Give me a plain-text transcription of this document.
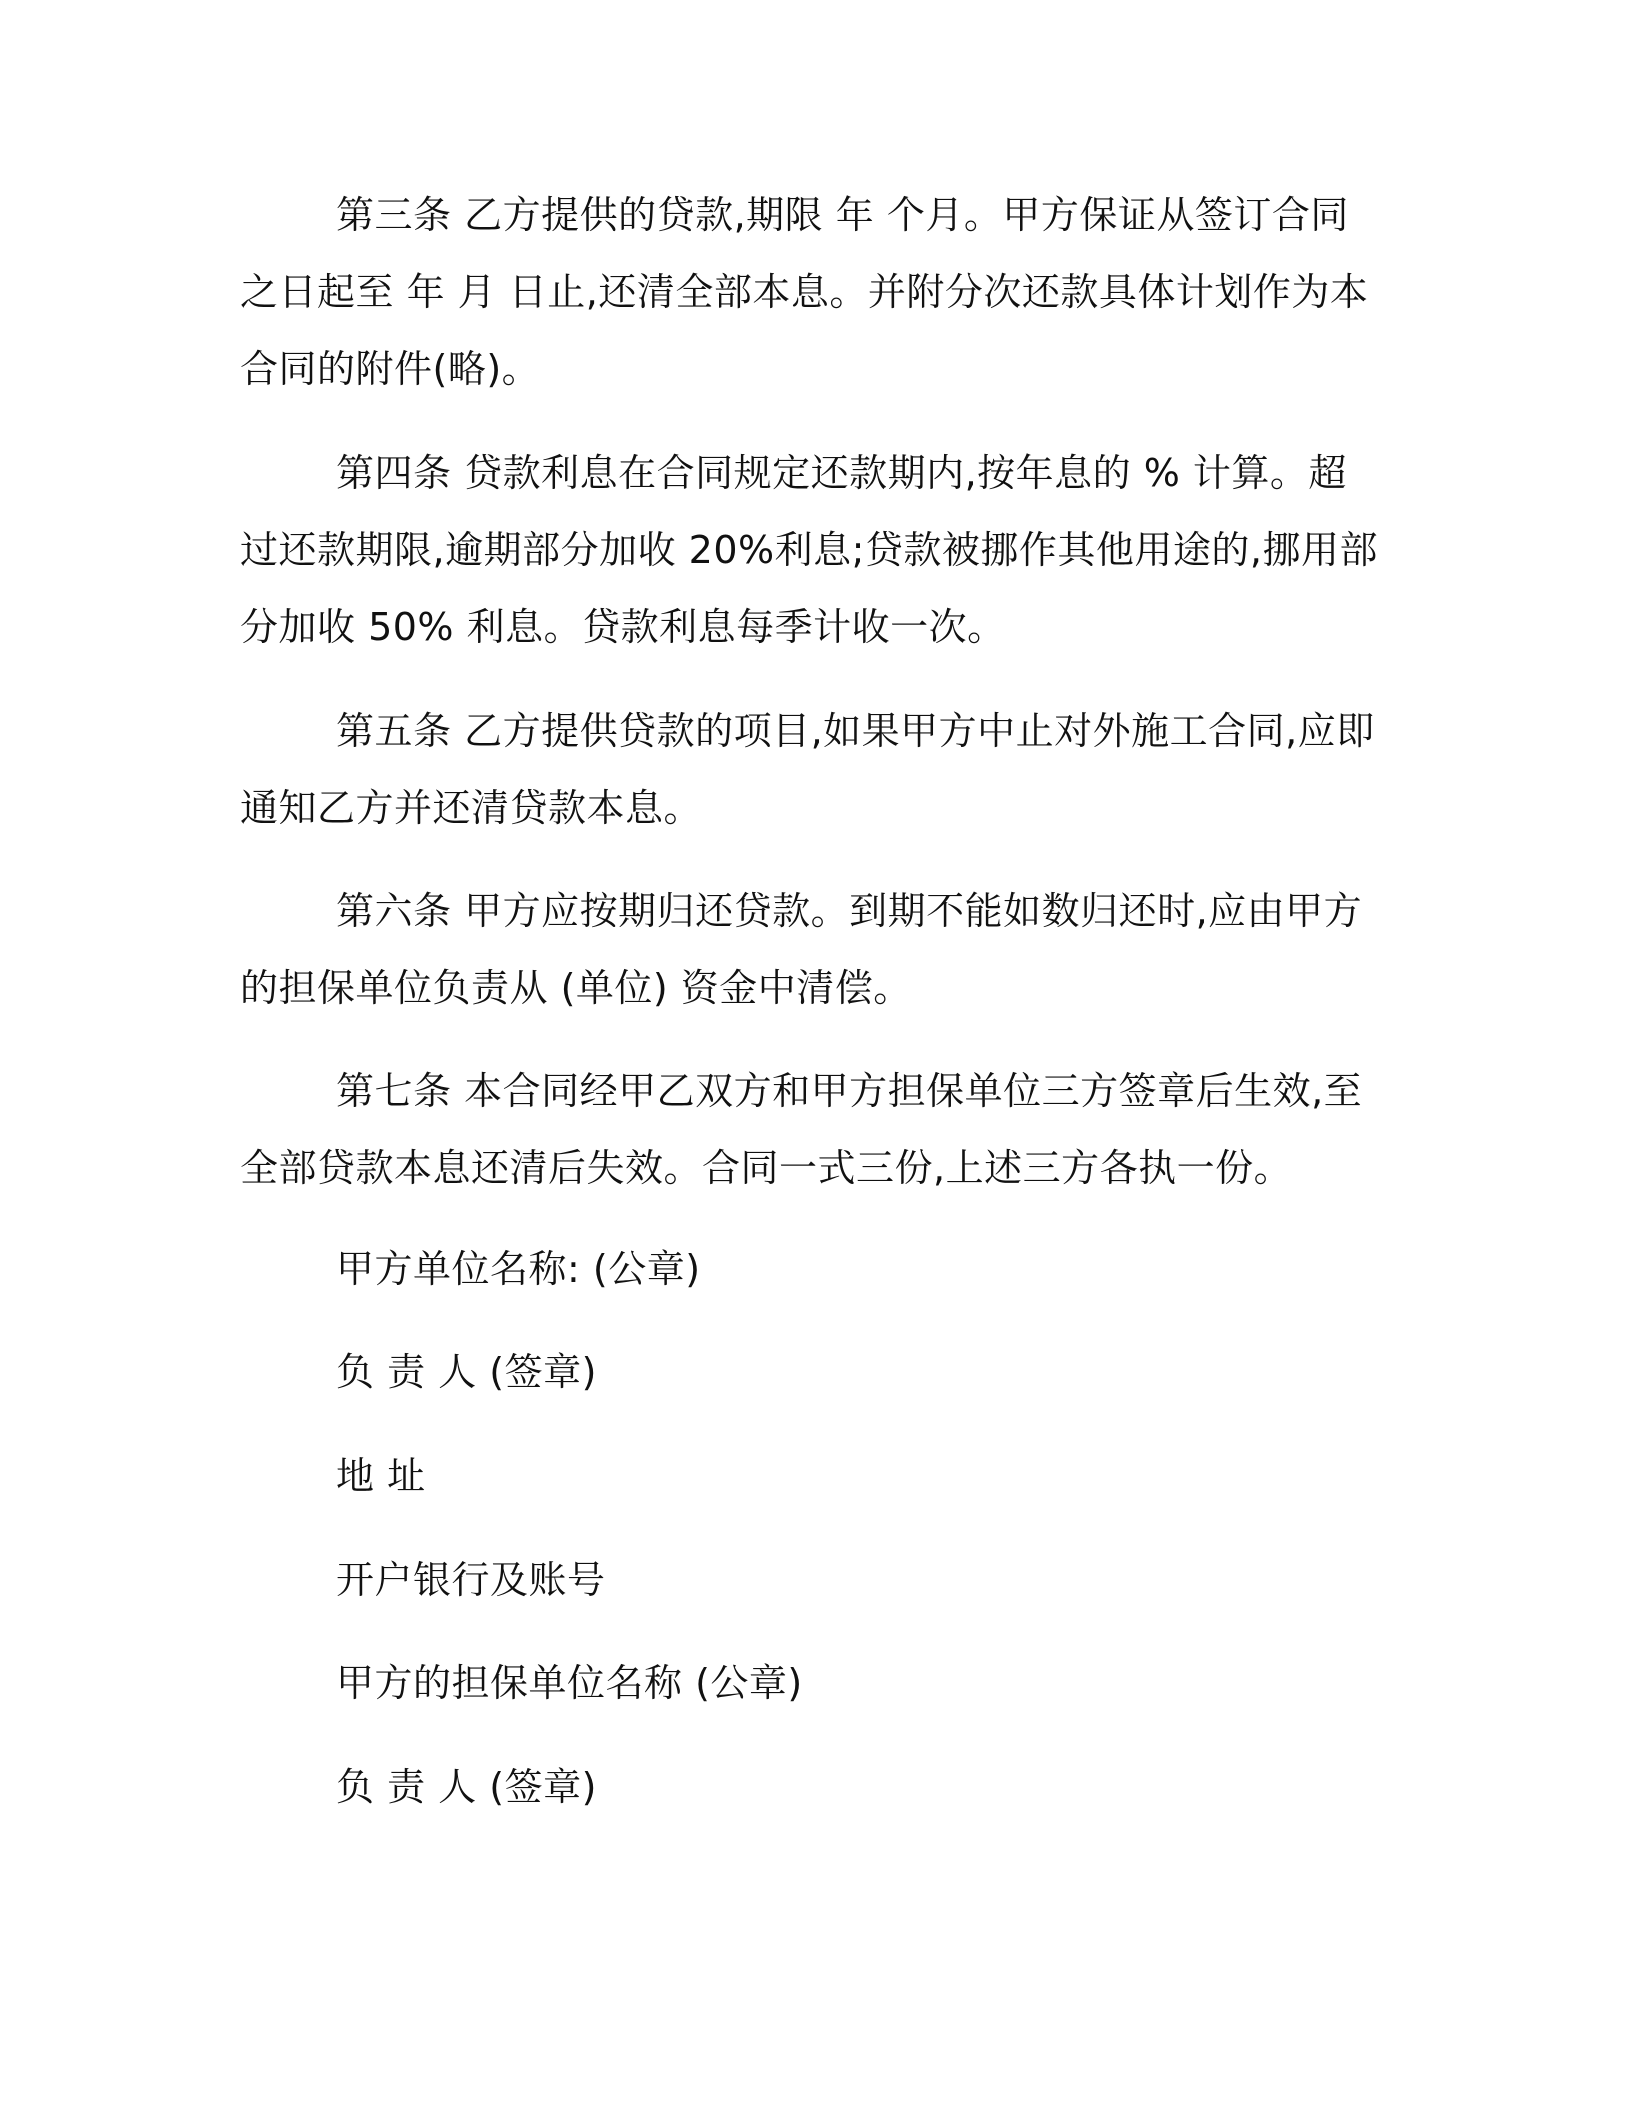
第三条 乙方提供的贷款,期限 年 个月。甲方保证从签订合同之日起至 年 月 日止,还清全部本息。并附分次还款具体计划作为本合同的附件(略)。

第四条 贷款利息在合同规定还款期内,按年息的 % 计算。超过还款期限,逾期部分加收 20%利息;贷款被挪作其他用途的,挪用部分加收 50% 利息。贷款利息每季计收一次。

第五条 乙方提供贷款的项目,如果甲方中止对外施工合同,应即通知乙方并还清贷款本息。

第六条 甲方应按期归还贷款。到期不能如数归还时,应由甲方的担保单位负责从 (单位) 资金中清偿。

第七条 本合同经甲乙双方和甲方担保单位三方签章后生效,至全部贷款本息还清后失效。合同一式三份,上述三方各执一份。

甲方单位名称: (公章)

负 责 人 (签章)

地 址

开户银行及账号

甲方的担保单位名称 (公章)

负 责 人 (签章)
